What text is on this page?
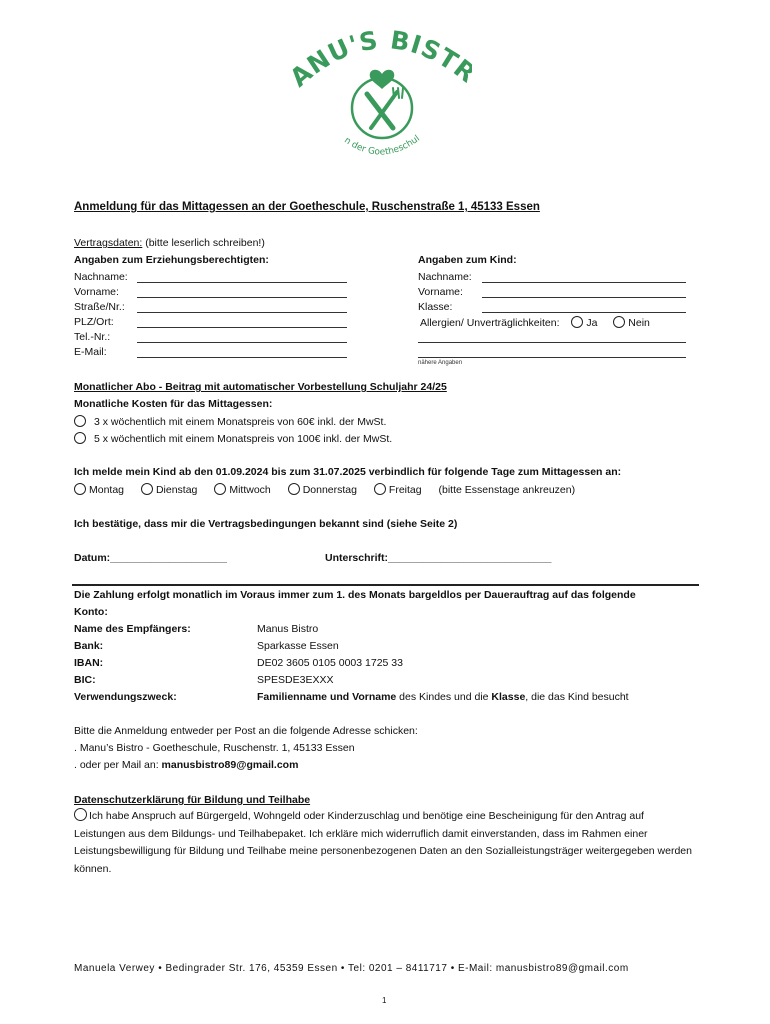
NU'S BIST
n der Goetheschul
Anmeldung für das Mittagessen an der Goetheschule, Ruschenstraße 1, 45133 Essen
Vertragsdaten: (bitte leserlich schreiben!)
Angaben zum Erziehungsberechtigten:	Angaben zum Kind:
Nachname:
Vorname:
Straße/Nr.:
PLZ/Ort:
Tel.-Nr.:
E-Mail:
Nachname:
Vorname:
Klasse:
Allergien/ Unverträglichkeiten:	Ja	Nein
nähere Angaben
Monatlicher Abo - Beitrag mit automatischer Vorbestellung Schuljahr 24/25
Monatliche Kosten für das Mittagessen:
3 x wöchentlich mit einem Monatspreis von 60€ inkl. der MwSt.
5 x wöchentlich mit einem Monatspreis von 100€ inkl. der MwSt.
Ich melde mein Kind ab den 01.09.2024 bis zum 31.07.2025 verbindlich für folgende Tage zum Mittagessen an:
Montag	Dienstag	Mittwoch	Donnerstag	Freitag (bitte Essenstage ankreuzen)
Ich bestätige, dass mir die Vertragsbedingungen bekannt sind (siehe Seite 2)
Datum:____________________	Unterschrift:____________________________
Die Zahlung erfolgt monatlich im Voraus immer zum 1. des Monats bargeldlos per Dauerauftrag auf das folgende
Konto:
Name des Empfängers:	Manus Bistro
Bank:	Sparkasse Essen
IBAN:	DE02 3605 0105 0003 1725 33
BIC:	SPESDE3EXXX
Verwendungszweck:	Familienname und Vorname des Kindes und die Klasse, die das Kind besucht
Bitte die Anmeldung entweder per Post an die folgende Adresse schicken:
. Manu’s Bistro - Goetheschule, Ruschenstr. 1, 45133 Essen
. oder per Mail an: manusbistro89@gmail.com
Datenschutzerklärung für Bildung und Teilhabe
Ich habe Anspruch auf Bürgergeld, Wohngeld oder Kinderzuschlag und benötige eine Bescheinigung für den Antrag auf Leistungen aus dem Bildungs- und Teilhabepaket. Ich erkläre mich widerruflich damit einverstanden, dass im Rahmen einer Leistungsbewilligung für Bildung und Teilhabe meine personenbezogenen Daten an den Sozialleistungsträger weitergegeben werden können.
Manuela Verwey • Bedingrader Str. 176, 45359 Essen • Tel: 0201 – 8411717 • E-Mail: manusbistro89@gmail.com
1
